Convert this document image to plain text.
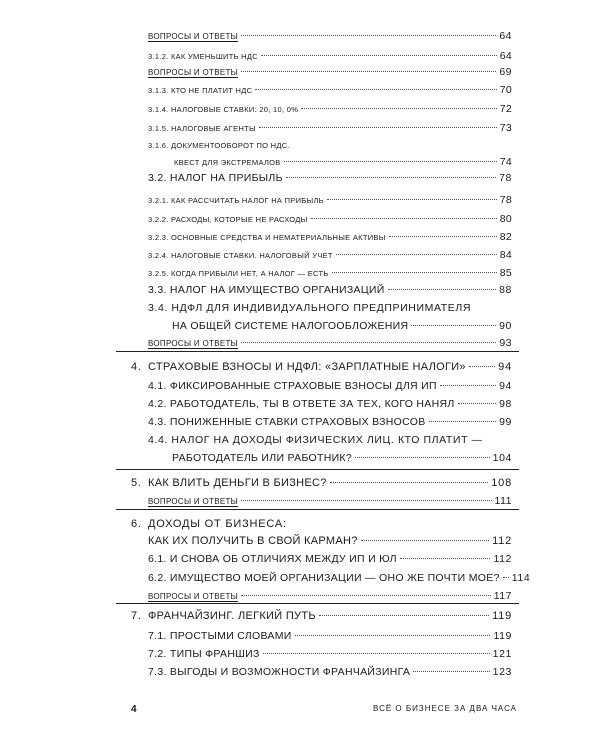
ВОПРОСЫ И ОТВЕТЫ	64
3.1.2. КАК УМЕНЬШИТЬ НДС	64
ВОПРОСЫ И ОТВЕТЫ	69
3.1.3. КТО НЕ ПЛАТИТ НДС	70
3.1.4. НАЛОГОВЫЕ СТАВКИ: 20, 10, 0%	72
3.1.5. НАЛОГОВЫЕ АГЕНТЫ	73
3.1.6. ДОКУМЕНТООБОРОТ ПО НДС.
КВЕСТ ДЛЯ ЭКСТРЕМАЛОВ	74
3.2. НАЛОГ НА ПРИБЫЛЬ	78
3.2.1. КАК РАССЧИТАТЬ НАЛОГ НА ПРИБЫЛЬ	78
3.2.2. РАСХОДЫ, КОТОРЫЕ НЕ РАСХОДЫ	80
3.2.3. ОСНОВНЫЕ СРЕДСТВА И НЕМАТЕРИАЛЬНЫЕ АКТИВЫ	82
3.2.4. НАЛОГОВЫЕ СТАВКИ. НАЛОГОВЫЙ УЧЕТ	84
3.2.5. КОГДА ПРИБЫЛИ НЕТ, А НАЛОГ — ЕСТЬ	85
3.3. НАЛОГ НА ИМУЩЕСТВО ОРГАНИЗАЦИЙ	88
3.4. НДФЛ ДЛЯ ИНДИВИДУАЛЬНОГО ПРЕДПРИНИМАТЕЛЯ
НА ОБЩЕЙ СИСТЕМЕ НАЛОГООБЛОЖЕНИЯ	90
ВОПРОСЫ И ОТВЕТЫ	93
4. СТРАХОВЫЕ ВЗНОСЫ И НДФЛ: «ЗАРПЛАТНЫЕ НАЛОГИ»	94
4.1. ФИКСИРОВАННЫЕ СТРАХОВЫЕ ВЗНОСЫ ДЛЯ ИП	94
4.2. РАБОТОДАТЕЛЬ, ТЫ В ОТВЕТЕ ЗА ТЕХ, КОГО НАНЯЛ	98
4.3. ПОНИЖЕННЫЕ СТАВКИ СТРАХОВЫХ ВЗНОСОВ	99
4.4. НАЛОГ НА ДОХОДЫ ФИЗИЧЕСКИХ ЛИЦ. КТО ПЛАТИТ —
РАБОТОДАТЕЛЬ ИЛИ РАБОТНИК?	104
5. КАК ВЛИТЬ ДЕНЬГИ В БИЗНЕС?	108
ВОПРОСЫ И ОТВЕТЫ	111
6. ДОХОДЫ ОТ БИЗНЕСА:
КАК ИХ ПОЛУЧИТЬ В СВОЙ КАРМАН?	112
6.1. И СНОВА ОБ ОТЛИЧИЯХ МЕЖДУ ИП И ЮЛ	112
6.2. ИМУЩЕСТВО МОЕЙ ОРГАНИЗАЦИИ — ОНО ЖЕ ПОЧТИ МОЕ? 114
ВОПРОСЫ И ОТВЕТЫ	117
7. ФРАНЧАЙЗИНГ. ЛЕГКИЙ ПУТЬ	119
7.1. ПРОСТЫМИ СЛОВАМИ	119
7.2. ТИПЫ ФРАНШИЗ	121
7.3. ВЫГОДЫ И ВОЗМОЖНОСТИ ФРАНЧАЙЗИНГА	123
4	ВСЁ О БИЗНЕСЕ ЗА ДВА ЧАСА
